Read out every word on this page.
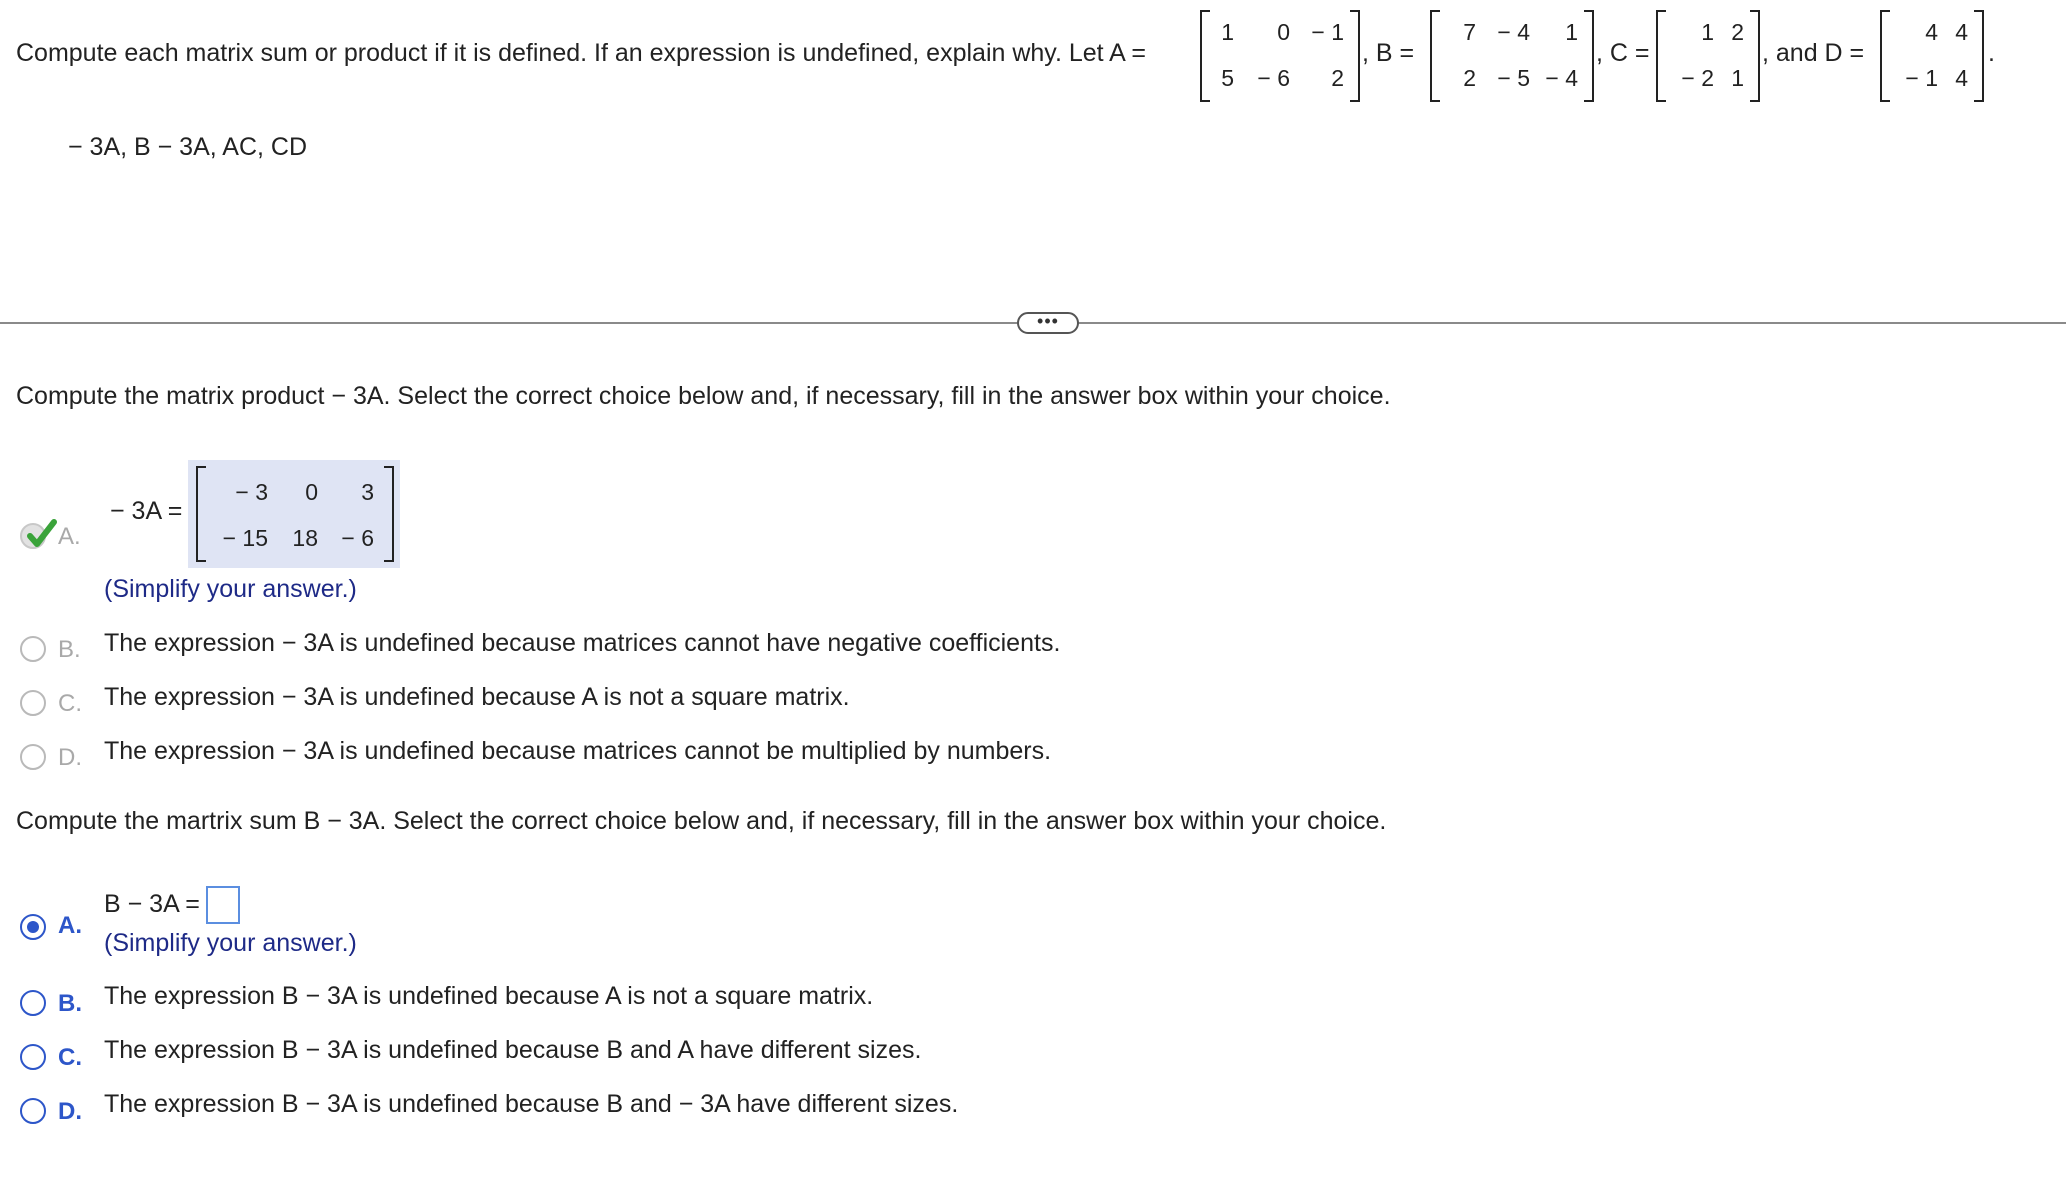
Compute each matrix sum or product if it is defined. If an expression is undefined, explain why. Let A =
1 0 − 1
5 − 6 2
, B =
7 − 4 1
2 − 5 − 4
, C =
1 2
− 2 1
, and D =
4 4
− 1 4
.
− 3A, B − 3A, AC, CD
•••
Compute the matrix product − 3A. Select the correct choice below and, if necessary, fill in the answer box within your choice.
A.
− 3A =
− 3 0 3
− 15 18 − 6
(Simplify your answer.)
B. The expression − 3A is undefined because matrices cannot have negative coefficients.
C. The expression − 3A is undefined because A is not a square matrix.
D. The expression − 3A is undefined because matrices cannot be multiplied by numbers.
Compute the martrix sum B − 3A. Select the correct choice below and, if necessary, fill in the answer box within your choice.
A.
B − 3A =
(Simplify your answer.)
B. The expression B − 3A is undefined because A is not a square matrix.
C. The expression B − 3A is undefined because B and A have different sizes.
D. The expression B − 3A is undefined because B and − 3A have different sizes.
